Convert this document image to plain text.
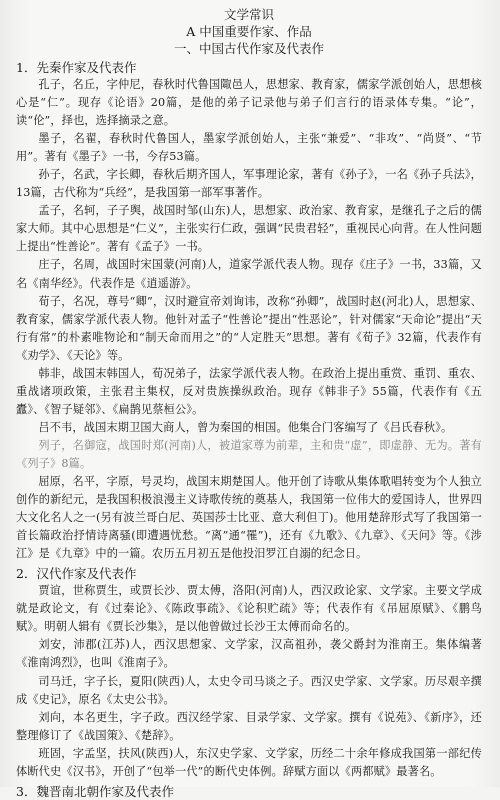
文学常识
A 中国重要作家、作品
一、中国古代作家及代表作
1．先秦作家及代表作

孔子，名丘，字仲尼，春秋时代鲁国陬邑人，思想家、教育家，儒家学派创始人，思想核心是“仁”。现存《论语》20篇，是他的弟子记录他与弟子们言行的语录体专集。“论”，读“伦”，择也，选择摘录之意。

墨子，名翟，春秋时代鲁国人，墨家学派创始人，主张“兼爱”、“非攻”、“尚贤”、“节用”。著有《墨子》一书，今存53篇。

孙子，名武，字长卿，春秋后期齐国人，军事理论家，著有《孙子》，一名《孙子兵法》，13篇，古代称为“兵经”，是我国第一部军事著作。

孟子，名轲，子子舆，战国时邹(山东)人，思想家、政治家、教育家，是继孔子之后的儒家大师。其中心思想是“仁义”，主张实行仁政，强调“民贵君轻”，重视民心向背。在人性问题上提出“性善论”。著有《孟子》一书。

庄子，名周，战国时宋国蒙(河南)人，道家学派代表人物。现存《庄子》一书，33篇，又名《南华经》。代表作是《逍遥游》。

荀子，名况，尊号“卿”，汉时避宣帝刘询讳，改称“孙卿”，战国时赵(河北)人，思想家、教育家，儒家学派代表人物。他针对孟子“性善论”提出“性恶论”，针对儒家“天命论”提出“天行有常”的朴素唯物论和“制天命而用之”的“人定胜天”思想。著有《荀子》32篇，代表作有《劝学》、《天论》等。

韩非，战国末韩国人，荀况弟子，法家学派代表人物。在政治上提出重赏、重罚、重农、重战诸项政策，主张君主集权，反对贵族操纵政治。现存《韩非子》55篇，代表作有《五蠹》、《智子疑邻》、《扁鹊见蔡桓公》。

吕不韦，战国末期卫国大商人，曾为秦国的相国。他集合门客编写了《吕氏春秋》。

列子，名御寇，战国时郑(河南)人，被道家尊为前辈，主和贵“虚”，即虚静、无为。著有《列子》8篇。

屈原，名平，字原，号灵均，战国末期楚国人。他开创了诗歌从集体歌唱转变为个人独立创作的新纪元，是我国积极浪漫主义诗歌传统的奠基人，我国第一位伟大的爱国诗人，世界四大文化名人之一(另有波兰哥白尼、英国莎士比亚、意大利但丁)。他用楚辞形式写了我国第一首长篇政治抒情诗离骚(即遭遇忧愁。“离”通“罹”)，还有《九歌》、《九章》、《天问》等。《涉江》是《九章》中的一篇。农历五月初五是他投汨罗江自溺的纪念日。

2．汉代作家及代表作

贾谊，世称贾生，或贾长沙、贾太傅，洛阳(河南)人，西汉政论家、文学家。主要文学成就是政论文，有《过秦论》、《陈政事疏》、《论积贮疏》等；代表作有《吊屈原赋》、《鹏鸟赋》。明朝人辑有《贾长沙集》，是以他曾做过长沙王太傅而命名的。

刘安，沛郡(江苏)人，西汉思想家、文学家，汉高祖孙，袭父爵封为淮南王。集体编著《淮南鸿烈》，也叫《淮南子》。

司马迁，字子长，夏阳(陕西)人，太史令司马谈之子。西汉史学家、文学家。历尽艰辛撰成《史记》，原名《太史公书》。

刘向，本名更生，字子政。西汉经学家、目录学家、文学家。撰有《说苑》、《新序》，还整理修订了《战国策》、《楚辞》。

班固，字孟坚，扶风(陕西)人，东汉史学家、文学家，历经二十余年修成我国第一部纪传体断代史《汉书》，开创了“包举一代”的断代史体例。辞赋方面以《两都赋》最著名。

3．魏晋南北朝作家及代表作
